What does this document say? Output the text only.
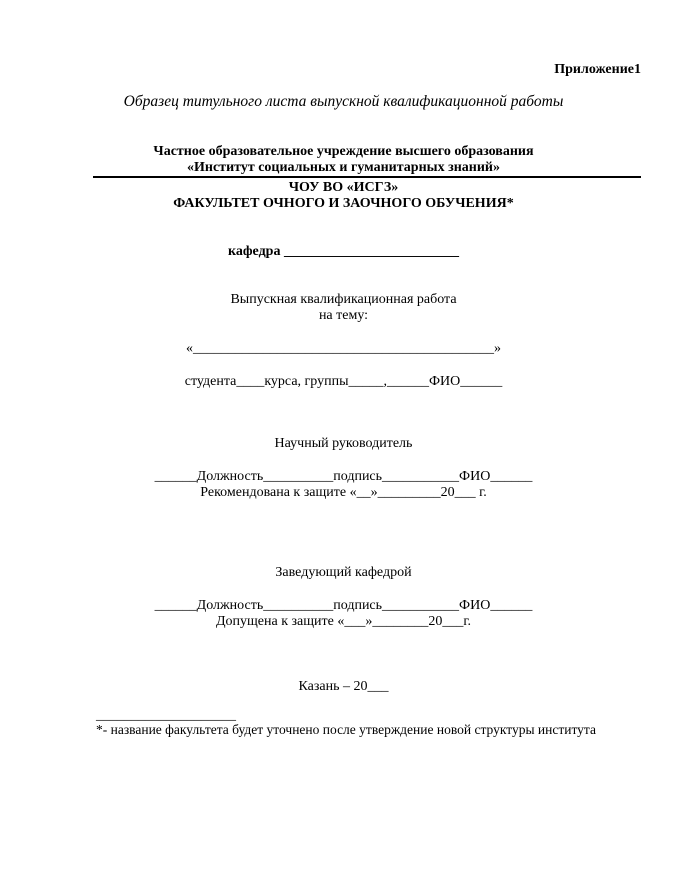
Приложение1
Образец титульного листа выпускной квалификационной работы
Частное образовательное учреждение высшего образования
«Институт социальных и гуманитарных знаний»
ЧОУ ВО «ИСГЗ»
ФАКУЛЬТЕТ ОЧНОГО И ЗАОЧНОГО ОБУЧЕНИЯ*
кафедра _________________________
Выпускная квалификационная работа
на тему:
«___________________________________________»
студента____курса, группы_____,______ФИО______
Научный руководитель
______Должность__________подпись___________ФИО______
Рекомендована к защите «__»_________20___ г.
Заведующий кафедрой
______Должность__________подпись___________ФИО______
Допущена к защите «___»________20___г.
Казань – 20___
____________________
*- название факультета будет уточнено после утверждение новой структуры института
